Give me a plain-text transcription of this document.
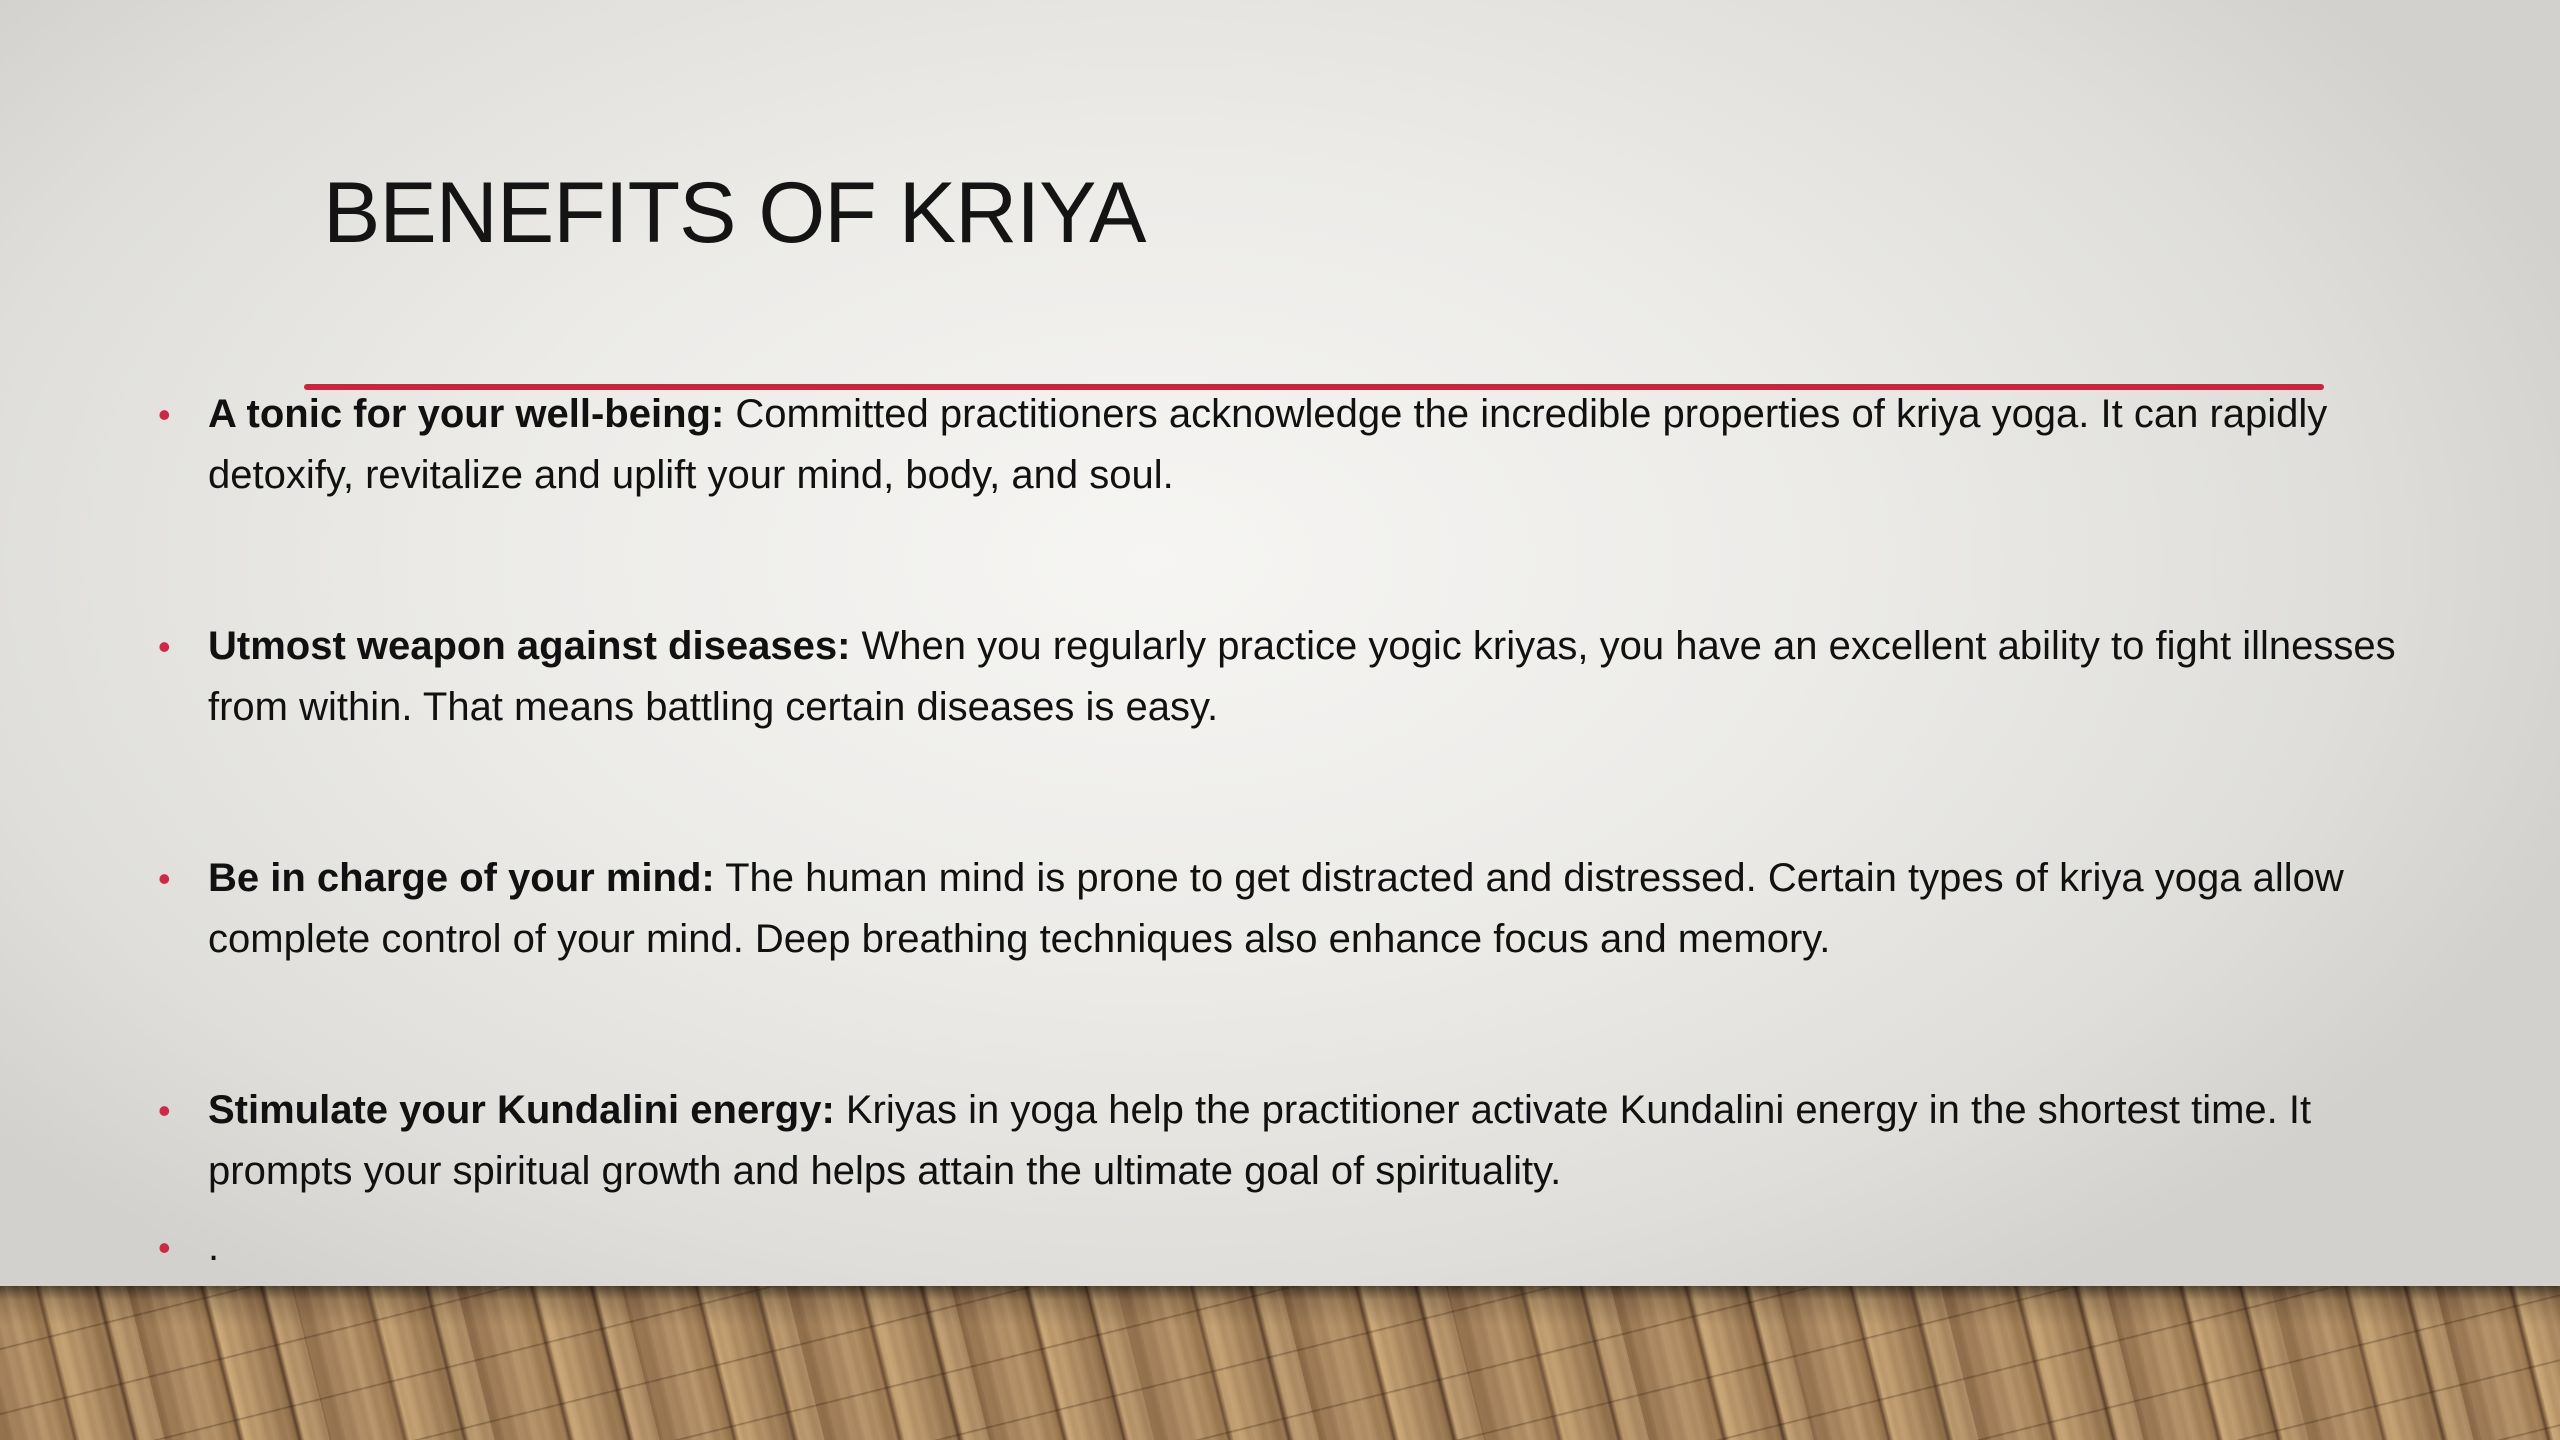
BENEFITS OF KRIYA
• A tonic for your well-being: Committed practitioners acknowledge the incredible properties of kriya yoga. It can rapidly detoxify, revitalize and uplift your mind, body, and soul.
• Utmost weapon against diseases: When you regularly practice yogic kriyas, you have an excellent ability to fight illnesses from within. That means battling certain diseases is easy.
• Be in charge of your mind: The human mind is prone to get distracted and distressed. Certain types of kriya yoga allow complete control of your mind. Deep breathing techniques also enhance focus and memory.
• Stimulate your Kundalini energy: Kriyas in yoga help the practitioner activate Kundalini energy in the shortest time. It prompts your spiritual growth and helps attain the ultimate goal of spirituality.
• .
